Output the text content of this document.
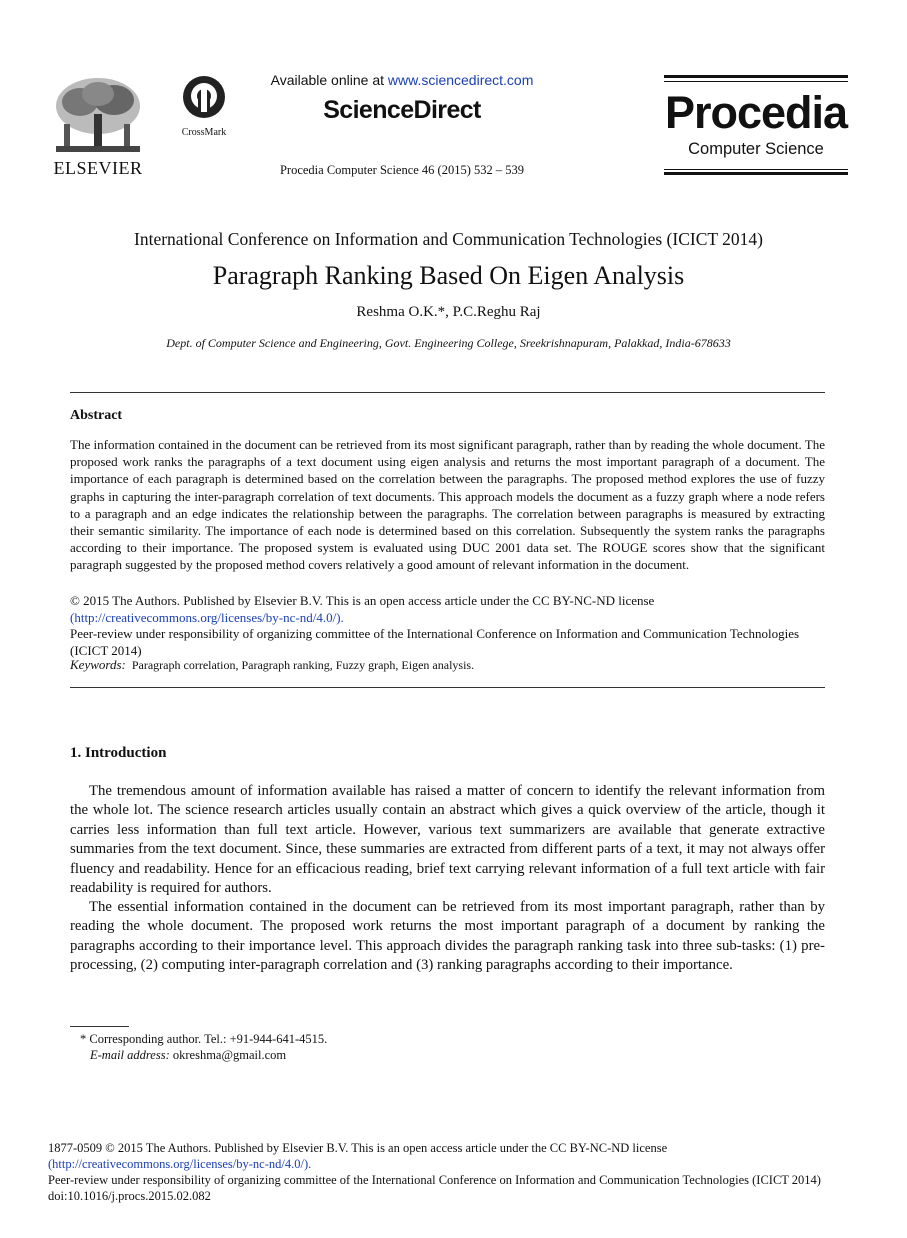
ELSEVIER
CrossMark
Available online at www.sciencedirect.com
ScienceDirect
Procedia Computer Science 46 (2015) 532 – 539
Procedia
Computer Science
International Conference on Information and Communication Technologies (ICICT 2014)
Paragraph Ranking Based On Eigen Analysis
Reshma O.K.*, P.C.Reghu Raj
Dept. of Computer Science and Engineering, Govt. Engineering College, Sreekrishnapuram, Palakkad, India-678633
Abstract
The information contained in the document can be retrieved from its most significant paragraph, rather than by reading the whole document. The proposed work ranks the paragraphs of a text document using eigen analysis and returns the most important paragraph of a document. The importance of each paragraph is determined based on the correlation between the paragraphs. The proposed method explores the use of fuzzy graphs in capturing the inter-paragraph correlation of text documents. This approach models the document as a fuzzy graph where a node refers to a paragraph and an edge indicates the relationship between the paragraphs. The correlation between paragraphs is measured by extracting their semantic similarity. The importance of each node is determined based on this correlation. Subsequently the system ranks the paragraphs according to their importance. The proposed system is evaluated using DUC 2001 data set. The ROUGE scores show that the significant paragraph suggested by the proposed method covers relatively a good amount of relevant information in the document.
© 2015 The Authors. Published by Elsevier B.V. This is an open access article under the CC BY-NC-ND license
(http://creativecommons.org/licenses/by-nc-nd/4.0/).
Peer-review under responsibility of organizing committee of the International Conference on Information and Communication Technologies (ICICT 2014)
Keywords: Paragraph correlation, Paragraph ranking, Fuzzy graph, Eigen analysis.
1. Introduction
The tremendous amount of information available has raised a matter of concern to identify the relevant information from the whole lot. The science research articles usually contain an abstract which gives a quick overview of the article, though it carries less information than full text article. However, various text summarizers are available that generate extractive summaries from the text document. Since, these summaries are extracted from different parts of a text, it may not always offer fluency and readability. Hence for an efficacious reading, brief text carrying relevant information of a full text article with fair readability is required for authors.
The essential information contained in the document can be retrieved from its most important paragraph, rather than by reading the whole document. The proposed work returns the most important paragraph of a document by ranking the paragraphs according to their importance level. This approach divides the paragraph ranking task into three sub-tasks: (1) pre-processing, (2) computing inter-paragraph correlation and (3) ranking paragraphs according to their importance.
* Corresponding author. Tel.: +91-944-641-4515.
E-mail address: okreshma@gmail.com
1877-0509 © 2015 The Authors. Published by Elsevier B.V. This is an open access article under the CC BY-NC-ND license
(http://creativecommons.org/licenses/by-nc-nd/4.0/).
Peer-review under responsibility of organizing committee of the International Conference on Information and Communication Technologies (ICICT 2014)
doi:10.1016/j.procs.2015.02.082
